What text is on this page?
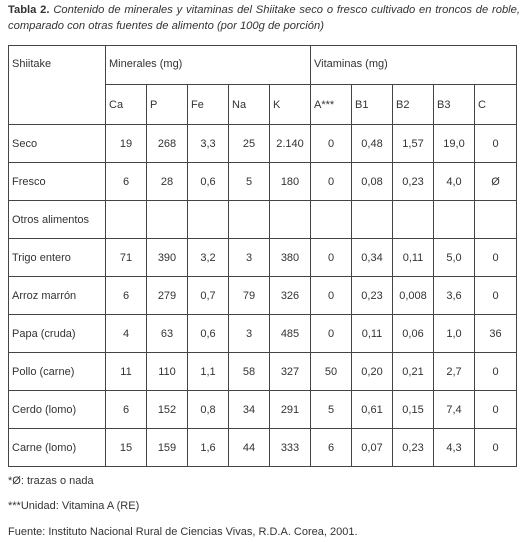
Tabla 2. Contenido de minerales y vitaminas del Shiitake seco o fresco cultivado en troncos de roble, comparado con otras fuentes de alimento (por 100g de porción)
Shiitake	Minerales (mg)					Vitaminas (mg)				
	Ca	P	Fe	Na	K	A***	B1	B2	B3	C
Seco	19	268	3,3	25	2.140	0	0,48	1,57	19,0	0
Fresco	6	28	0,6	5	180	0	0,08	0,23	4,0	Ø
Otros alimentos										
Trigo entero	71	390	3,2	3	380	0	0,34	0,11	5,0	0
Arroz marrón	6	279	0,7	79	326	0	0,23	0,008	3,6	0
Papa (cruda)	4	63	0,6	3	485	0	0,11	0,06	1,0	36
Pollo (carne)	11	110	1,1	58	327	50	0,20	0,21	2,7	0
Cerdo (lomo)	6	152	0,8	34	291	5	0,61	0,15	7,4	0
Carne (lomo)	15	159	1,6	44	333	6	0,07	0,23	4,3	0
*Ø: trazas o nada
***Unidad: Vitamina A (RE)
Fuente: Instituto Nacional Rural de Ciencias Vivas, R.D.A. Corea, 2001.
